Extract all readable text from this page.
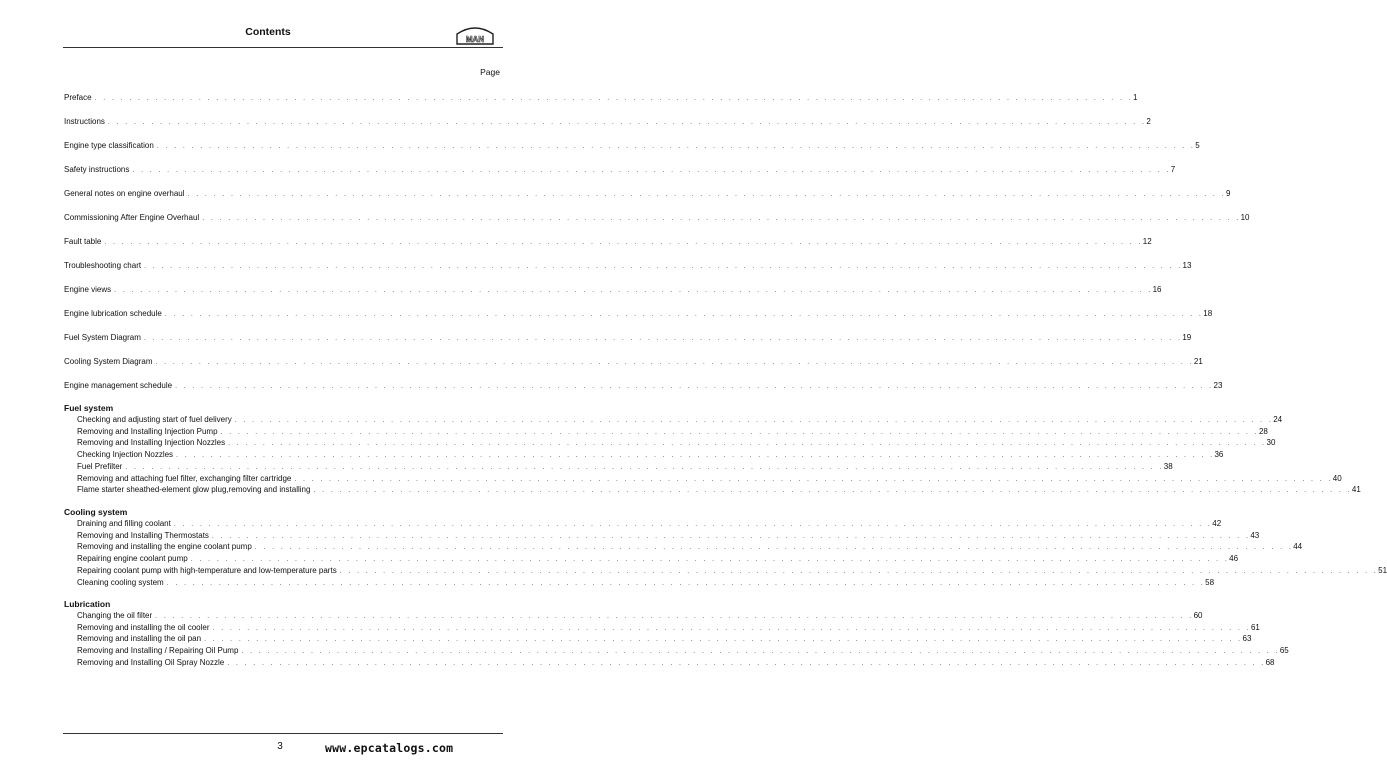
Contents
MAN
Page
Preface . . . . . . . . . . . . . . . . . . . . . . . . . . . . . . . . . . . . . . . . . . . . . . . . . . . . . . . . . . . . . . . . . . . . . . . . . . . . . . . . . . . . . . . . . . . . . . . . . . . . . . . . . . . . . . . . . . . . . . . . 1
Instructions . . . . . . . . . . . . . . . . . . . . . . . . . . . . . . . . . . . . . . . . . . . . . . . . . . . . . . . . . . . . . . . . . . . . . . . . . . . . . . . . . . . . . . . . . . . . . . . . . . . . . . . . . . . . . . . . . . . . . . . . 2
Engine type classification . . . . . . . . . . . . . . . . . . . . . . . . . . . . . . . . . . . . . . . . . . . . . . . . . . . . . . . . . . . . . . . . . . . . . . . . . . . . . . . . . . . . . . . . . . . . . . . . . . . . . . . . . . . . . . . . . . . . . . . . 5
Safety instructions . . . . . . . . . . . . . . . . . . . . . . . . . . . . . . . . . . . . . . . . . . . . . . . . . . . . . . . . . . . . . . . . . . . . . . . . . . . . . . . . . . . . . . . . . . . . . . . . . . . . . . . . . . . . . . . . . . . . . . . . 7
General notes on engine overhaul . . . . . . . . . . . . . . . . . . . . . . . . . . . . . . . . . . . . . . . . . . . . . . . . . . . . . . . . . . . . . . . . . . . . . . . . . . . . . . . . . . . . . . . . . . . . . . . . . . . . . . . . . . . . . . . . . . . . . . . . 9
Commissioning After Engine Overhaul . . . . . . . . . . . . . . . . . . . . . . . . . . . . . . . . . . . . . . . . . . . . . . . . . . . . . . . . . . . . . . . . . . . . . . . . . . . . . . . . . . . . . . . . . . . . . . . . . . . . . . . . . . . . . . . . . . . . . . . . 10
Fault table . . . . . . . . . . . . . . . . . . . . . . . . . . . . . . . . . . . . . . . . . . . . . . . . . . . . . . . . . . . . . . . . . . . . . . . . . . . . . . . . . . . . . . . . . . . . . . . . . . . . . . . . . . . . . . . . . . . . . . . . 12
Troubleshooting chart . . . . . . . . . . . . . . . . . . . . . . . . . . . . . . . . . . . . . . . . . . . . . . . . . . . . . . . . . . . . . . . . . . . . . . . . . . . . . . . . . . . . . . . . . . . . . . . . . . . . . . . . . . . . . . . . . . . . . . . . 13
Engine views . . . . . . . . . . . . . . . . . . . . . . . . . . . . . . . . . . . . . . . . . . . . . . . . . . . . . . . . . . . . . . . . . . . . . . . . . . . . . . . . . . . . . . . . . . . . . . . . . . . . . . . . . . . . . . . . . . . . . . . . 16
Engine lubrication schedule . . . . . . . . . . . . . . . . . . . . . . . . . . . . . . . . . . . . . . . . . . . . . . . . . . . . . . . . . . . . . . . . . . . . . . . . . . . . . . . . . . . . . . . . . . . . . . . . . . . . . . . . . . . . . . . . . . . . . . . . 18
Fuel System Diagram . . . . . . . . . . . . . . . . . . . . . . . . . . . . . . . . . . . . . . . . . . . . . . . . . . . . . . . . . . . . . . . . . . . . . . . . . . . . . . . . . . . . . . . . . . . . . . . . . . . . . . . . . . . . . . . . . . . . . . . . 19
Cooling System Diagram . . . . . . . . . . . . . . . . . . . . . . . . . . . . . . . . . . . . . . . . . . . . . . . . . . . . . . . . . . . . . . . . . . . . . . . . . . . . . . . . . . . . . . . . . . . . . . . . . . . . . . . . . . . . . . . . . . . . . . . . 21
Engine management schedule . . . . . . . . . . . . . . . . . . . . . . . . . . . . . . . . . . . . . . . . . . . . . . . . . . . . . . . . . . . . . . . . . . . . . . . . . . . . . . . . . . . . . . . . . . . . . . . . . . . . . . . . . . . . . . . . . . . . . . . . 23
Fuel system
Checking and adjusting start of fuel delivery . . . . . . . . . . . . . . . . . . . . . . . . . . . . . . . . . . . . . . . . . . . . . . . . . . . . . . . . . . . . . . . . . . . . . . . . . . . . . . . . . . . . . . . . . . . . . . . . . . . . . . . . . . . . . . . . . . . . . . . . 24
Removing and Installing Injection Pump . . . . . . . . . . . . . . . . . . . . . . . . . . . . . . . . . . . . . . . . . . . . . . . . . . . . . . . . . . . . . . . . . . . . . . . . . . . . . . . . . . . . . . . . . . . . . . . . . . . . . . . . . . . . . . . . . . . . . . . . 28
Removing and Installing Injection Nozzles . . . . . . . . . . . . . . . . . . . . . . . . . . . . . . . . . . . . . . . . . . . . . . . . . . . . . . . . . . . . . . . . . . . . . . . . . . . . . . . . . . . . . . . . . . . . . . . . . . . . . . . . . . . . . . . . . . . . . . . . 30
Checking Injection Nozzles . . . . . . . . . . . . . . . . . . . . . . . . . . . . . . . . . . . . . . . . . . . . . . . . . . . . . . . . . . . . . . . . . . . . . . . . . . . . . . . . . . . . . . . . . . . . . . . . . . . . . . . . . . . . . . . . . . . . . . . . 36
Fuel Prefilter . . . . . . . . . . . . . . . . . . . . . . . . . . . . . . . . . . . . . . . . . . . . . . . . . . . . . . . . . . . . . . . . . . . . . . . . . . . . . . . . . . . . . . . . . . . . . . . . . . . . . . . . . . . . . . . . . . . . . . . . 38
Removing and attaching fuel filter, exchanging filter cartridge . . . . . . . . . . . . . . . . . . . . . . . . . . . . . . . . . . . . . . . . . . . . . . . . . . . . . . . . . . . . . . . . . . . . . . . . . . . . . . . . . . . . . . . . . . . . . . . . . . . . . . . . . . . . . . . . . . . . . . . . 40
Flame starter sheathed-element glow plug,removing and installing . . . . . . . . . . . . . . . . . . . . . . . . . . . . . . . . . . . . . . . . . . . . . . . . . . . . . . . . . . . . . . . . . . . . . . . . . . . . . . . . . . . . . . . . . . . . . . . . . . . . . . . . . . . . . . . . . . . . . . . . 41
Cooling system
Draining and filling coolant . . . . . . . . . . . . . . . . . . . . . . . . . . . . . . . . . . . . . . . . . . . . . . . . . . . . . . . . . . . . . . . . . . . . . . . . . . . . . . . . . . . . . . . . . . . . . . . . . . . . . . . . . . . . . . . . . . . . . . . . 42
Removing and Installing Thermostats . . . . . . . . . . . . . . . . . . . . . . . . . . . . . . . . . . . . . . . . . . . . . . . . . . . . . . . . . . . . . . . . . . . . . . . . . . . . . . . . . . . . . . . . . . . . . . . . . . . . . . . . . . . . . . . . . . . . . . . . 43
Removing and installing the engine coolant pump . . . . . . . . . . . . . . . . . . . . . . . . . . . . . . . . . . . . . . . . . . . . . . . . . . . . . . . . . . . . . . . . . . . . . . . . . . . . . . . . . . . . . . . . . . . . . . . . . . . . . . . . . . . . . . . . . . . . . . . . 44
Repairing engine coolant pump . . . . . . . . . . . . . . . . . . . . . . . . . . . . . . . . . . . . . . . . . . . . . . . . . . . . . . . . . . . . . . . . . . . . . . . . . . . . . . . . . . . . . . . . . . . . . . . . . . . . . . . . . . . . . . . . . . . . . . . . 46
Repairing coolant pump with high-temperature and low-temperature parts . . . . . . . . . . . . . . . . . . . . . . . . . . . . . . . . . . . . . . . . . . . . . . . . . . . . . . . . . . . . . . . . . . . . . . . . . . . . . . . . . . . . . . . . . . . . . . . . . . . . . . . . . . . . . . . . . . . . . . . . 51
Cleaning cooling system . . . . . . . . . . . . . . . . . . . . . . . . . . . . . . . . . . . . . . . . . . . . . . . . . . . . . . . . . . . . . . . . . . . . . . . . . . . . . . . . . . . . . . . . . . . . . . . . . . . . . . . . . . . . . . . . . . . . . . . . 58
Lubrication
Changing the oil filter . . . . . . . . . . . . . . . . . . . . . . . . . . . . . . . . . . . . . . . . . . . . . . . . . . . . . . . . . . . . . . . . . . . . . . . . . . . . . . . . . . . . . . . . . . . . . . . . . . . . . . . . . . . . . . . . . . . . . . . . 60
Removing and installing the oil cooler . . . . . . . . . . . . . . . . . . . . . . . . . . . . . . . . . . . . . . . . . . . . . . . . . . . . . . . . . . . . . . . . . . . . . . . . . . . . . . . . . . . . . . . . . . . . . . . . . . . . . . . . . . . . . . . . . . . . . . . . 61
Removing and installing the oil pan . . . . . . . . . . . . . . . . . . . . . . . . . . . . . . . . . . . . . . . . . . . . . . . . . . . . . . . . . . . . . . . . . . . . . . . . . . . . . . . . . . . . . . . . . . . . . . . . . . . . . . . . . . . . . . . . . . . . . . . . 63
Removing and Installing / Repairing Oil Pump . . . . . . . . . . . . . . . . . . . . . . . . . . . . . . . . . . . . . . . . . . . . . . . . . . . . . . . . . . . . . . . . . . . . . . . . . . . . . . . . . . . . . . . . . . . . . . . . . . . . . . . . . . . . . . . . . . . . . . . . 65
Removing and Installing Oil Spray Nozzle . . . . . . . . . . . . . . . . . . . . . . . . . . . . . . . . . . . . . . . . . . . . . . . . . . . . . . . . . . . . . . . . . . . . . . . . . . . . . . . . . . . . . . . . . . . . . . . . . . . . . . . . . . . . . . . . . . . . . . . . 68
3	www.epcatalogs.com
